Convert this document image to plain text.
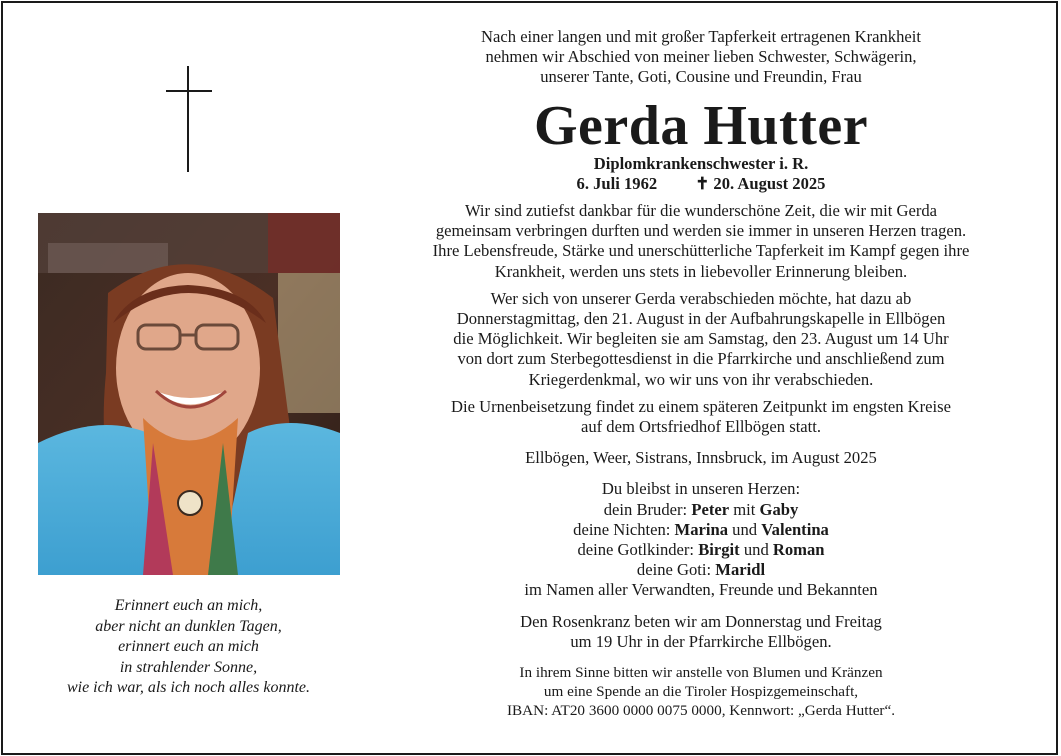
Erinnert euch an mich,
aber nicht an dunklen Tagen,
erinnert euch an mich
in strahlender Sonne,
wie ich war, als ich noch alles konnte.
Nach einer langen und mit großer Tapferkeit ertragenen Krankheit
nehmen wir Abschied von meiner lieben Schwester, Schwägerin,
unserer Tante, Goti, Cousine und Freundin, Frau
Gerda Hutter
Diplomkrankenschwester i. R.
6. Juli 1962 ✝ 20. August 2025
Wir sind zutiefst dankbar für die wunderschöne Zeit, die wir mit Gerda
gemeinsam verbringen durften und werden sie immer in unseren Herzen tragen.
Ihre Lebensfreude, Stärke und unerschütterliche Tapferkeit im Kampf gegen ihre
Krankheit, werden uns stets in liebevoller Erinnerung bleiben.
Wer sich von unserer Gerda verabschieden möchte, hat dazu ab
Donnerstagmittag, den 21. August in der Aufbahrungskapelle in Ellbögen
die Möglichkeit. Wir begleiten sie am Samstag, den 23. August um 14 Uhr
von dort zum Sterbegottesdienst in die Pfarrkirche und anschließend zum
Kriegerdenkmal, wo wir uns von ihr verabschieden.
Die Urnenbeisetzung findet zu einem späteren Zeitpunkt im engsten Kreise
auf dem Ortsfriedhof Ellbögen statt.
Ellbögen, Weer, Sistrans, Innsbruck, im August 2025
Du bleibst in unseren Herzen:
dein Bruder: Peter mit Gaby
deine Nichten: Marina und Valentina
deine Gotlkinder: Birgit und Roman
deine Goti: Maridl
im Namen aller Verwandten, Freunde und Bekannten
Den Rosenkranz beten wir am Donnerstag und Freitag
um 19 Uhr in der Pfarrkirche Ellbögen.
In ihrem Sinne bitten wir anstelle von Blumen und Kränzen
um eine Spende an die Tiroler Hospizgemeinschaft,
IBAN: AT20 3600 0000 0075 0000, Kennwort: „Gerda Hutter“.
